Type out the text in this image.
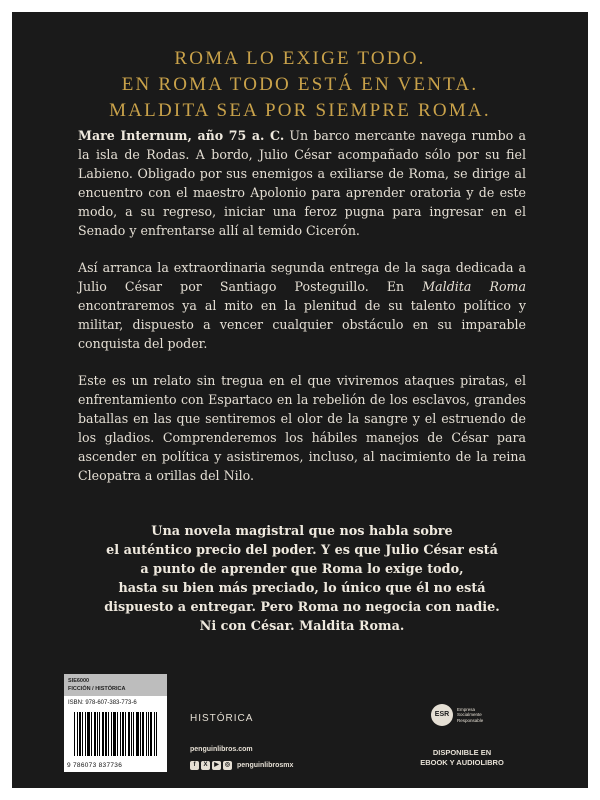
ROMA LO EXIGE TODO.
EN ROMA TODO ESTÁ EN VENTA.
MALDITA SEA POR SIEMPRE ROMA.

Mare Internum, año 75 a. C. Un barco mercante navega rumbo a la isla de Rodas. A bordo, Julio César acompañado sólo por su fiel Labieno. Obligado por sus enemigos a exiliarse de Roma, se dirige al encuentro con el maestro Apolonio para aprender oratoria y de este modo, a su regreso, iniciar una feroz pugna para ingresar en el Senado y enfrentarse allí al temido Cicerón.

Así arranca la extraordinaria segunda entrega de la saga dedicada a Julio César por Santiago Posteguillo. En Maldita Roma encontraremos ya al mito en la plenitud de su talento político y militar, dispuesto a vencer cualquier obstáculo en su imparable conquista del poder.

Este es un relato sin tregua en el que viviremos ataques piratas, el enfrentamiento con Espartaco en la rebelión de los esclavos, grandes batallas en las que sentiremos el olor de la sangre y el estruendo de los gladios. Comprenderemos los hábiles manejos de César para ascender en política y asistiremos, incluso, al nacimiento de la reina Cleopatra a orillas del Nilo.

Una novela magistral que nos habla sobre
el auténtico precio del poder. Y es que Julio César está
a punto de aprender que Roma lo exige todo,
hasta su bien más preciado, lo único que él no está
dispuesto a entregar. Pero Roma no negocia con nadie.
Ni con César. Maldita Roma.
SIE6000
FICCIÓN / HISTÓRICA
ISBN: 978-607-383-773-6
9 786073 837736
HISTÓRICA
penguinlibros.com
f	X	▶	◎ penguinlibrosmx
ESR
Empresa Socialmente Responsable
DISPONIBLE EN
EBOOK Y AUDIOLIBRO
